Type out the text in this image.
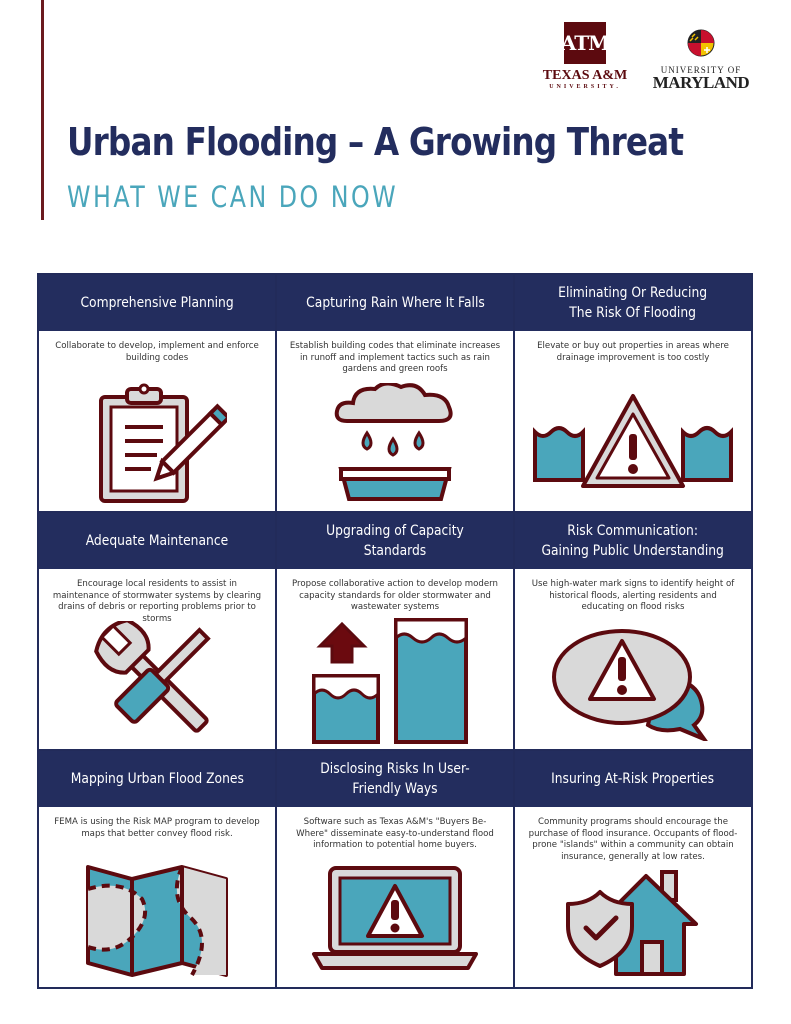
ATM
TEXAS A&M
UNIVERSITY.
UNIVERSITY OF
MARYLAND
Urban Flooding – A Growing Threat
WHAT WE CAN DO NOW
Comprehensive Planning
Collaborate to develop, implement and enforce building codes
Capturing Rain Where It Falls
Establish building codes that eliminate increases in runoff and implement tactics such as rain gardens and green roofs
Eliminating Or Reducing
The Risk Of Flooding
Elevate or buy out properties in areas where drainage improvement is too costly
Adequate Maintenance
Encourage local residents to assist in maintenance of stormwater systems by clearing drains of debris or reporting problems prior to storms
Upgrading of Capacity Standards
Propose collaborative action to develop modern capacity standards for older stormwater and wastewater systems
Risk Communication:
Gaining Public Understanding
Use high-water mark signs to identify height of historical floods, alerting residents and educating on flood risks
Mapping Urban Flood Zones
FEMA is using the Risk MAP program to develop maps that better convey flood risk.
Disclosing Risks In User-Friendly Ways
Software such as Texas A&M's "Buyers Be-Where" disseminate easy-to-understand flood information to potential home buyers.
Insuring At-Risk Properties
Community programs should encourage the purchase of flood insurance. Occupants of flood-prone "islands" within a community can obtain insurance, generally at low rates.
